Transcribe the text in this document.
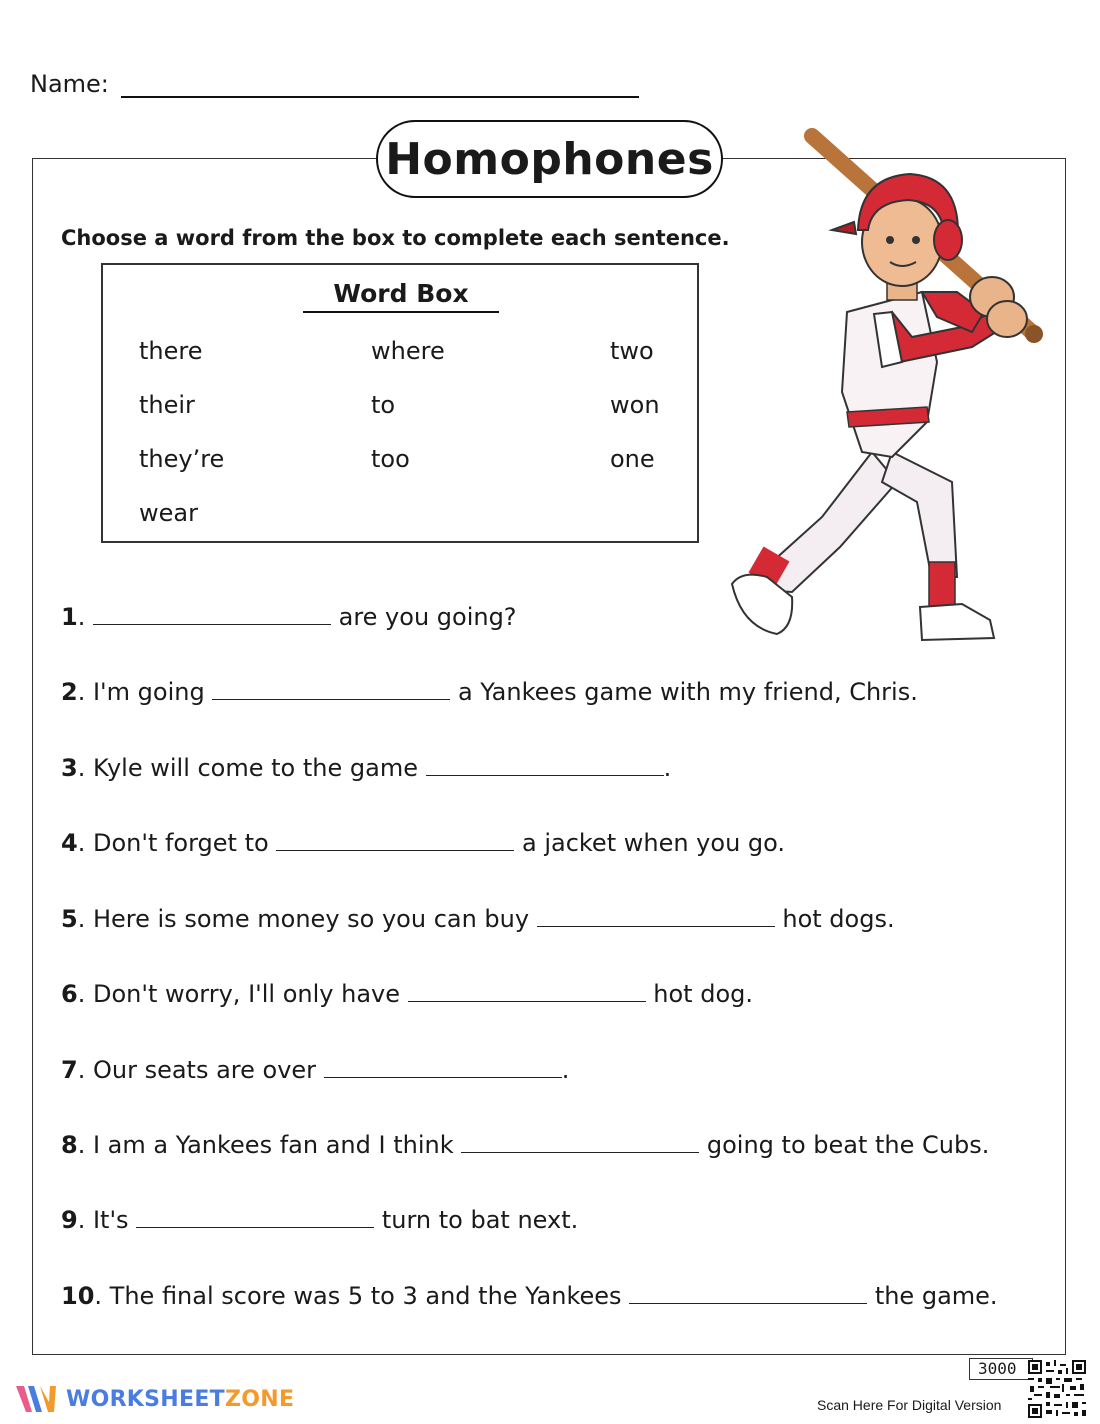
Name:
Homophones
Choose a word from the box to complete each sentence.
Word Box
there	where	two
their	to	won
they’re	too	one
wear
1.	are you going?
2. I'm going	a Yankees game with my friend, Chris.
3. Kyle will come to the game	.
4. Don't forget to	a jacket when you go.
5. Here is some money so you can buy	hot dogs.
6. Don't worry, I'll only have	hot dog.
7. Our seats are over	.
8. I am a Yankees fan and I think	going to beat the Cubs.
9. It's	turn to bat next.
10. The final score was 5 to 3 and the Yankees	the game.
WORKSHEETZONE
3000
Scan Here For Digital Version
